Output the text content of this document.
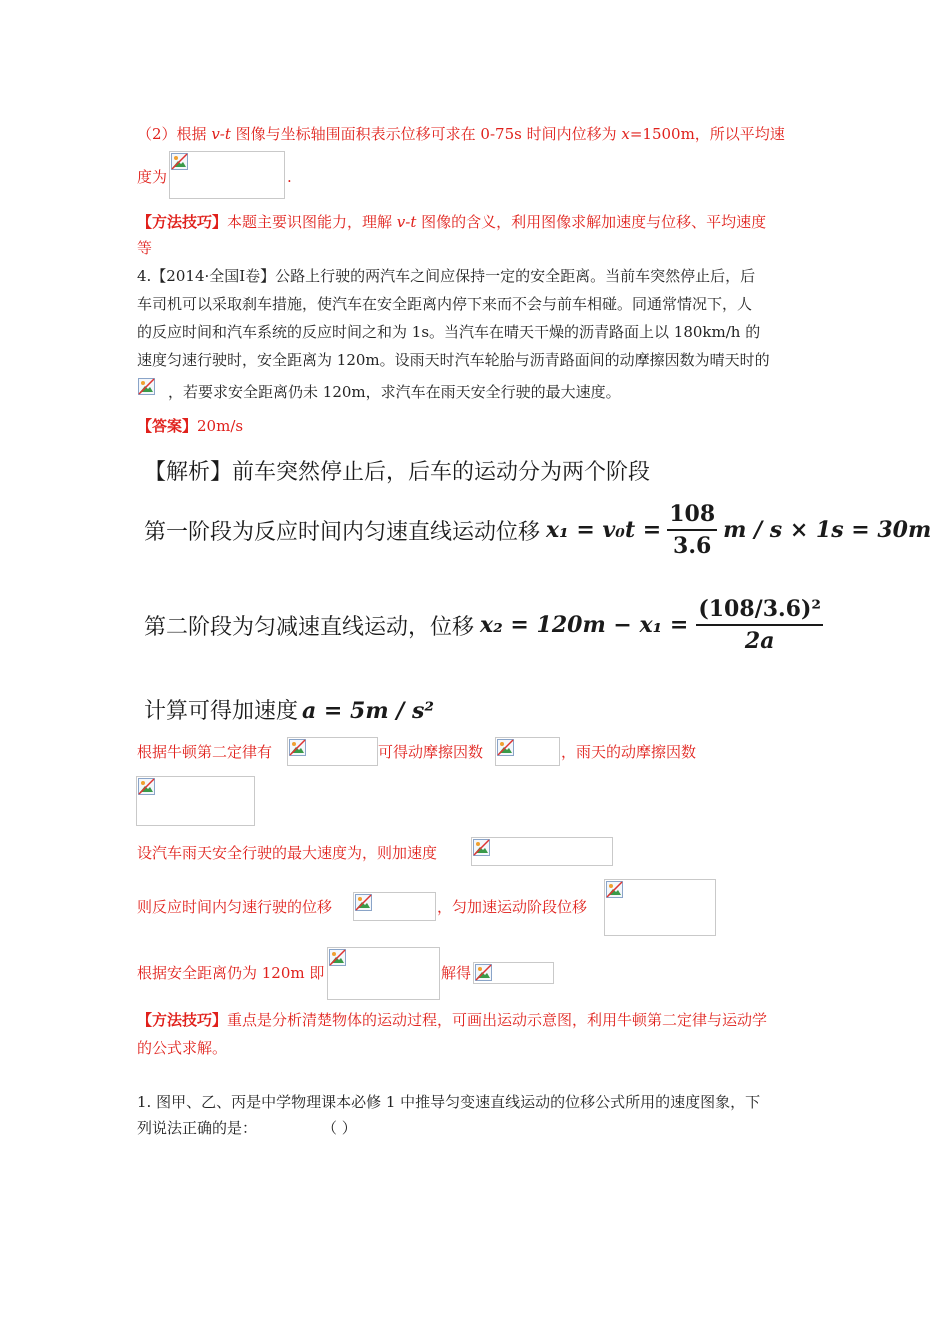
（2）根据 v-t 图像与坐标轴围面积表示位移可求在 0-75s 时间内位移为 x=1500m，所以平均速
度为	.
【方法技巧】本题主要识图能力，理解 v-t 图像的含义，利用图像求解加速度与位移、平均速度
等
4.【2014·全国Ⅰ卷】公路上行驶的两汽车之间应保持一定的安全距离。当前车突然停止后，后
车司机可以采取刹车措施，使汽车在安全距离内停下来而不会与前车相碰。同通常情况下，人
的反应时间和汽车系统的反应时间之和为 1s。当汽车在晴天干燥的沥青路面上以 180km/h 的
速度匀速行驶时，安全距离为 120m。设雨天时汽车轮胎与沥青路面间的动摩擦因数为晴天时的
，若要求安全距离仍未 120m，求汽车在雨天安全行驶的最大速度。
【答案】20m/s
【解析】前车突然停止后，后车的运动分为两个阶段
第一阶段为反应时间内匀速直线运动位移 $x_1 = v_0t = \frac{108}{3.6}$ m / s × 1s = 30m
第二阶段为匀减速直线运动，位移 $x_2 = 120m - x_1 = \frac{\text{(108/3.6)²}}{2a}$
计算可得加速度 a = 5m / s²
根据牛顿第二定律有	可得动摩擦因数	，雨天的动摩擦因数
设汽车雨天安全行驶的最大速度为，则加速度
则反应时间内匀速行驶的位移	，匀加速运动阶段位移
根据安全距离仍为 120m 即	解得
【方法技巧】重点是分析清楚物体的运动过程，可画出运动示意图，利用牛顿第二定律与运动学
的公式求解。
1. 图甲、乙、丙是中学物理课本必修 1 中推导匀变速直线运动的位移公式所用的速度图象，下
列说法正确的是：	（ ）
